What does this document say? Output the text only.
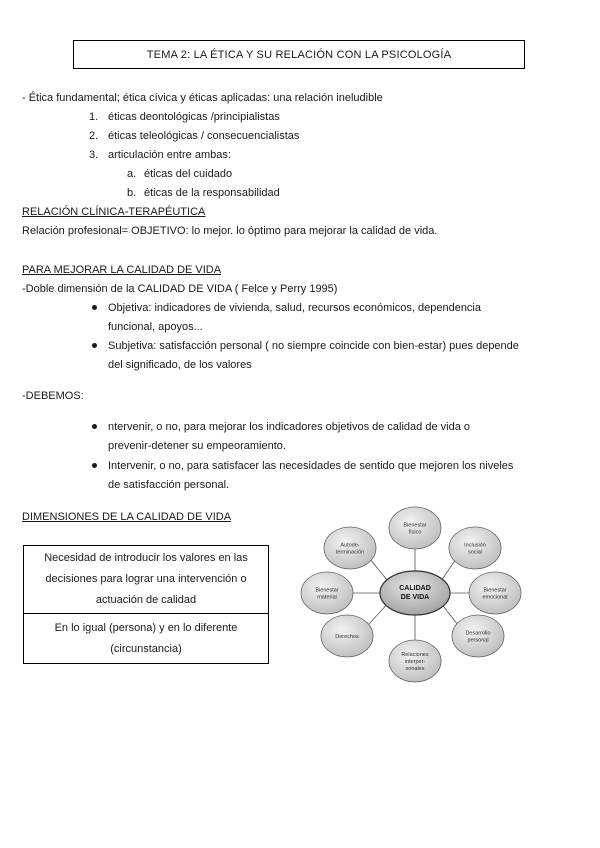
TEMA 2: LA ÉTICA Y SU RELACIÓN CON LA PSICOLOGÍA
- Ética fundamental; ética cívica y éticas aplicadas: una relación ineludible
1. éticas deontológicas /principialistas
2. éticas teleológicas / consecuencialistas
3. articulación entre ambas:
a. éticas del cuidado
b. éticas de la responsabilidad
RELACIÓN CLÍNICA-TERAPÉUTICA
Relación profesional= OBJETIVO: lo mejor. lo óptimo para mejorar la calidad de vida.
PARA MEJORAR LA CALIDAD DE VIDA
-Doble dimensión de la CALIDAD DE VIDA ( Felce y Perry 1995)
Objetiva: indicadores de vivienda, salud, recursos económicos, dependencia
funcional, apoyos...
Subjetiva: satisfacción personal ( no siempre coincide con bien-estar) pues depende
del significado, de los valores
-DEBEMOS:
ntervenir, o no, para mejorar los indicadores objetivos de calidad de vida o
prevenir-detener su empeoramiento.
Intervenir, o no, para satisfacer las necesidades de sentido que mejoren los niveles
de satisfacción personal.
DIMENSIONES DE LA CALIDAD DE VIDA
Necesidad de introducir los valores en las
decisiones para lograr una intervención o
actuación de calidad
En lo igual (persona) y en lo diferente
(circunstancia)
CALIDAD
DE VIDA
Bienestar
físico
Inclusión
social
Bienestar
emocional
Desarrollo
personal
Relaciones
interper-
sonales
Derechos
Bienestar
material
Autode-
terminación
